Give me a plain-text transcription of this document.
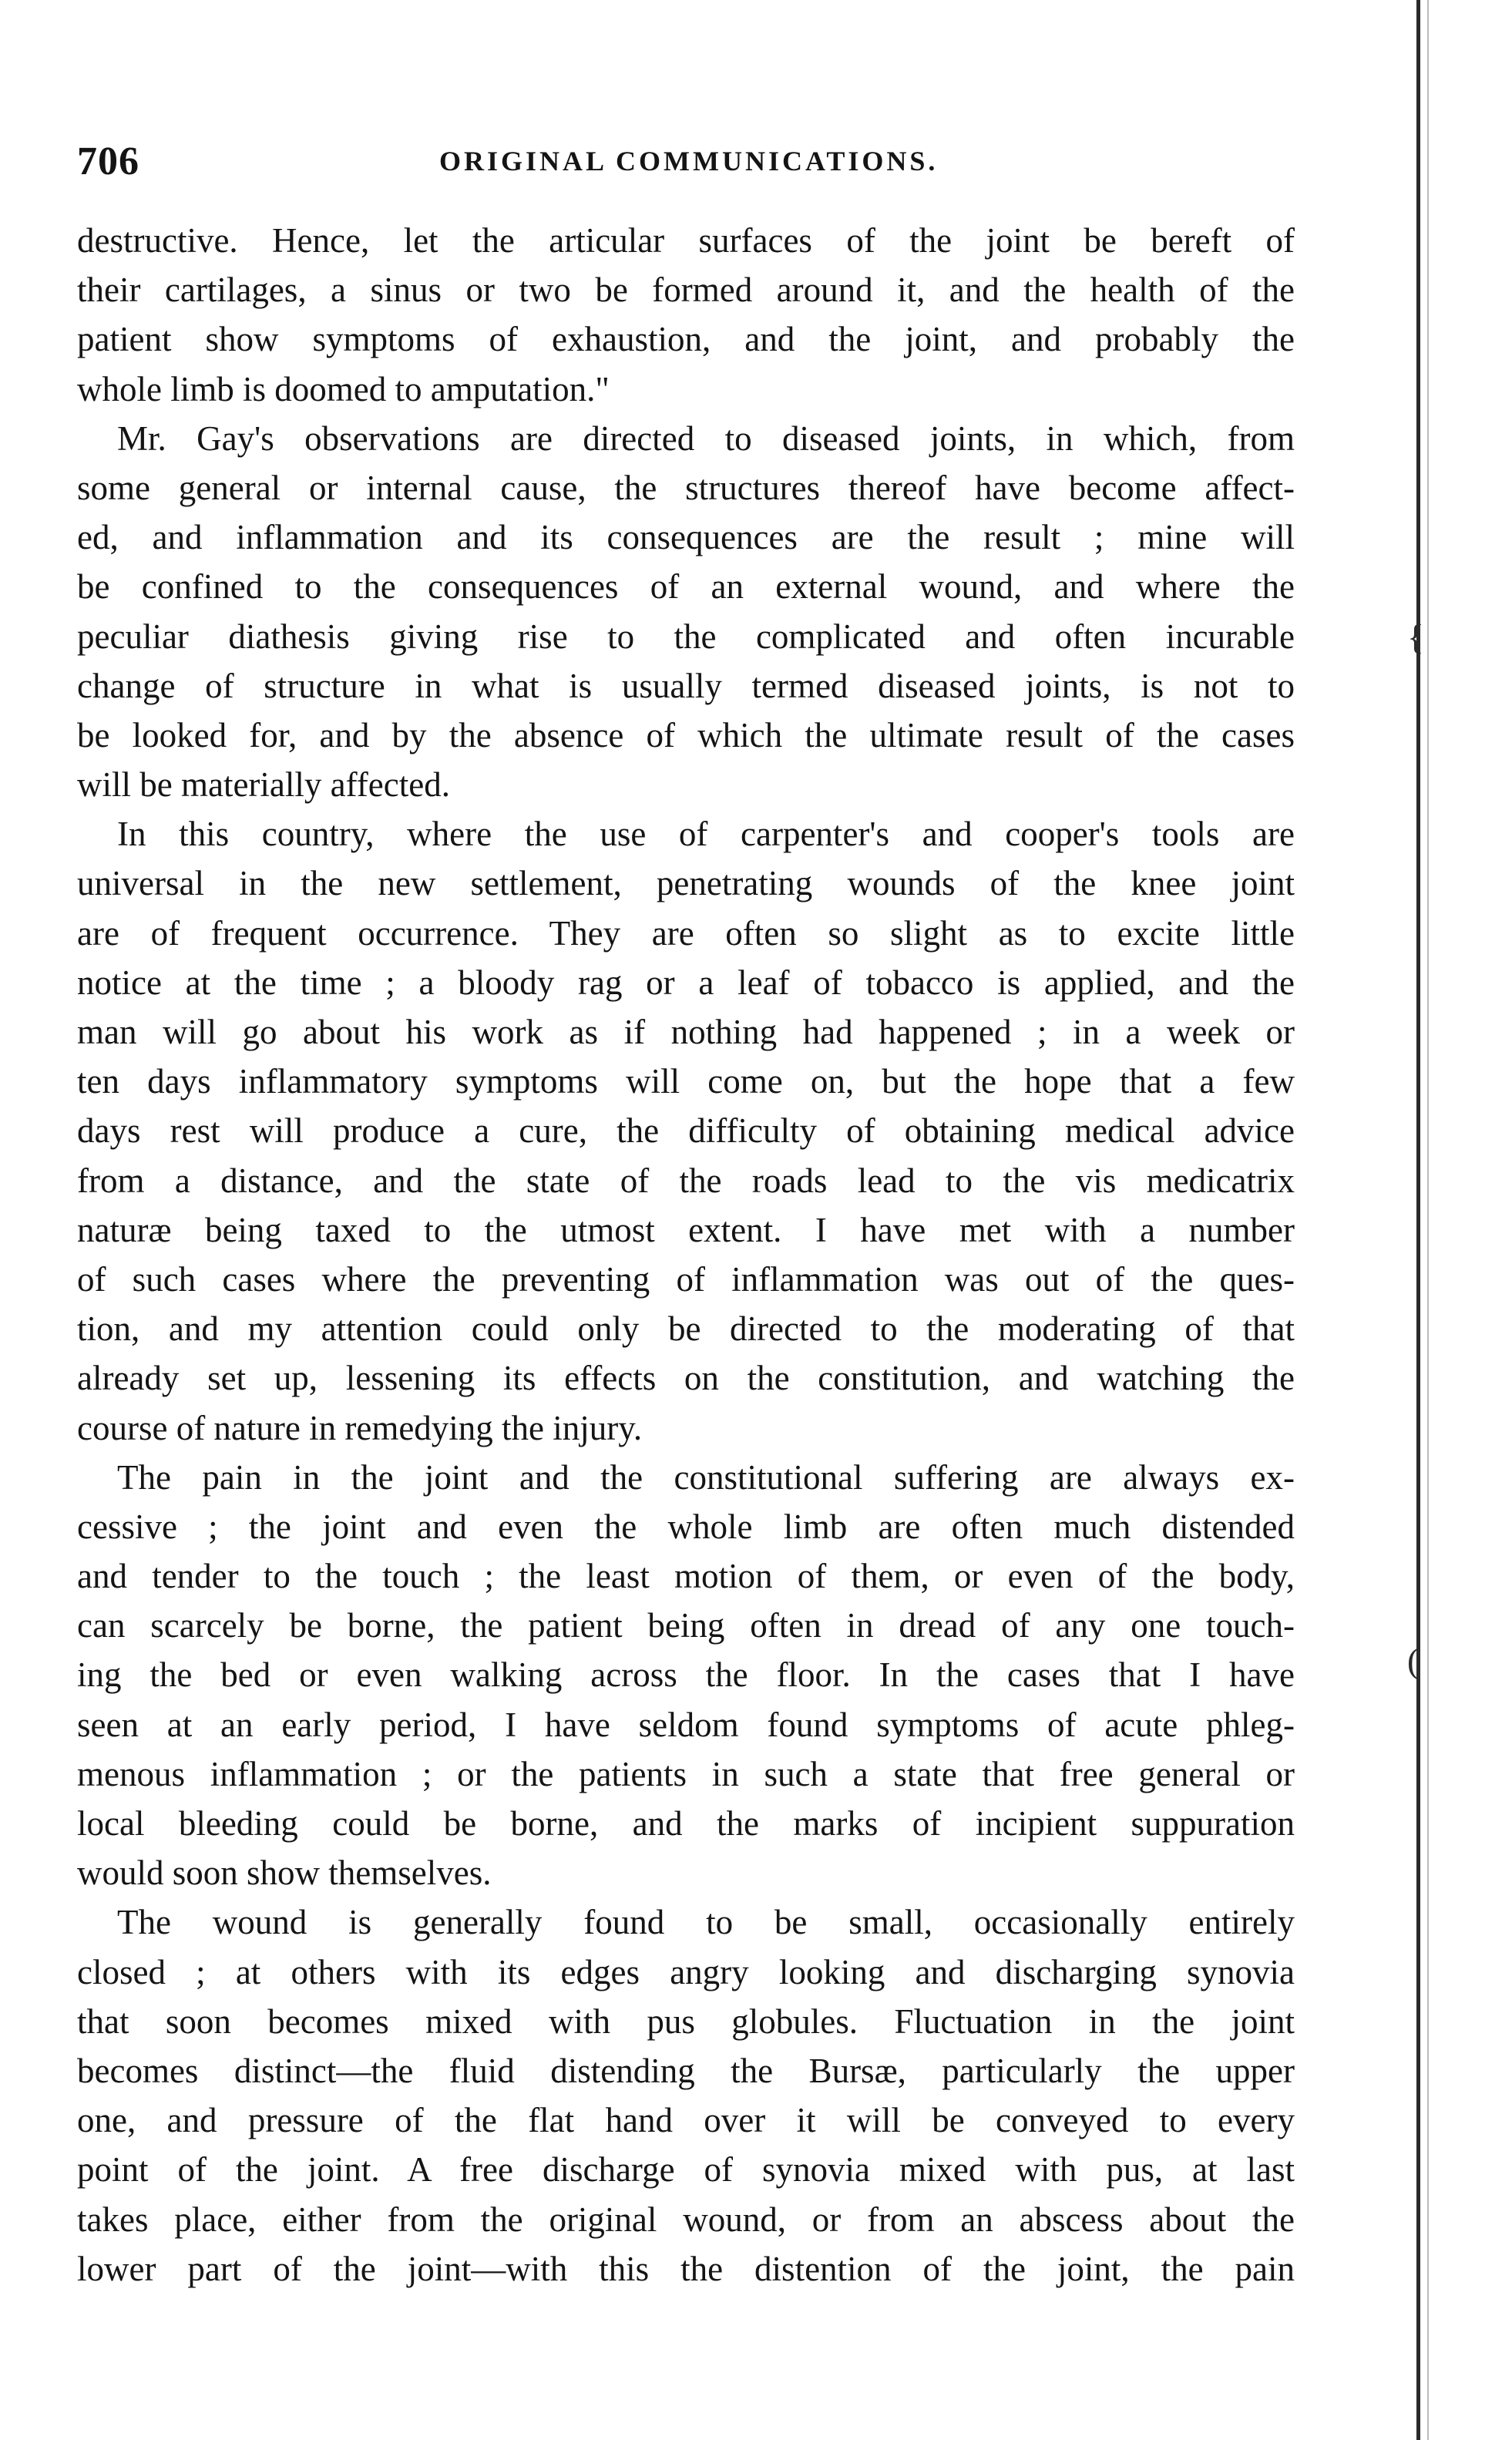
706	ORIGINAL COMMUNICATIONS.
destructive. Hence, let the articular surfaces of the joint be bereft of
their cartilages, a sinus or two be formed around it, and the health of the
patient show symptoms of exhaustion, and the joint, and probably the
whole limb is doomed to amputation."
Mr. Gay's observations are directed to diseased joints, in which, from
some general or internal cause, the structures thereof have become affect-
ed, and inflammation and its consequences are the result ; mine will
be confined to the consequences of an external wound, and where the
peculiar diathesis giving rise to the complicated and often incurable
change of structure in what is usually termed diseased joints, is not to
be looked for, and by the absence of which the ultimate result of the cases
will be materially affected.
In this country, where the use of carpenter's and cooper's tools are
universal in the new settlement, penetrating wounds of the knee joint
are of frequent occurrence. They are often so slight as to excite little
notice at the time ; a bloody rag or a leaf of tobacco is applied, and the
man will go about his work as if nothing had happened ; in a week or
ten days inflammatory symptoms will come on, but the hope that a few
days rest will produce a cure, the difficulty of obtaining medical advice
from a distance, and the state of the roads lead to the vis medicatrix
naturæ being taxed to the utmost extent. I have met with a number
of such cases where the preventing of inflammation was out of the ques-
tion, and my attention could only be directed to the moderating of that
already set up, lessening its effects on the constitution, and watching the
course of nature in remedying the injury.
The pain in the joint and the constitutional suffering are always ex-
cessive ; the joint and even the whole limb are often much distended
and tender to the touch ; the least motion of them, or even of the body,
can scarcely be borne, the patient being often in dread of any one touch-
ing the bed or even walking across the floor. In the cases that I have
seen at an early period, I have seldom found symptoms of acute phleg-
menous inflammation ; or the patients in such a state that free general or
local bleeding could be borne, and the marks of incipient suppuration
would soon show themselves.
The wound is generally found to be small, occasionally entirely
closed ; at others with its edges angry looking and discharging synovia
that soon becomes mixed with pus globules. Fluctuation in the joint
becomes distinct—the fluid distending the Bursæ, particularly the upper
one, and pressure of the flat hand over it will be conveyed to every
point of the joint. A free discharge of synovia mixed with pus, at last
takes place, either from the original wound, or from an abscess about the
lower part of the joint—with this the distention of the joint, the pain
{
(
